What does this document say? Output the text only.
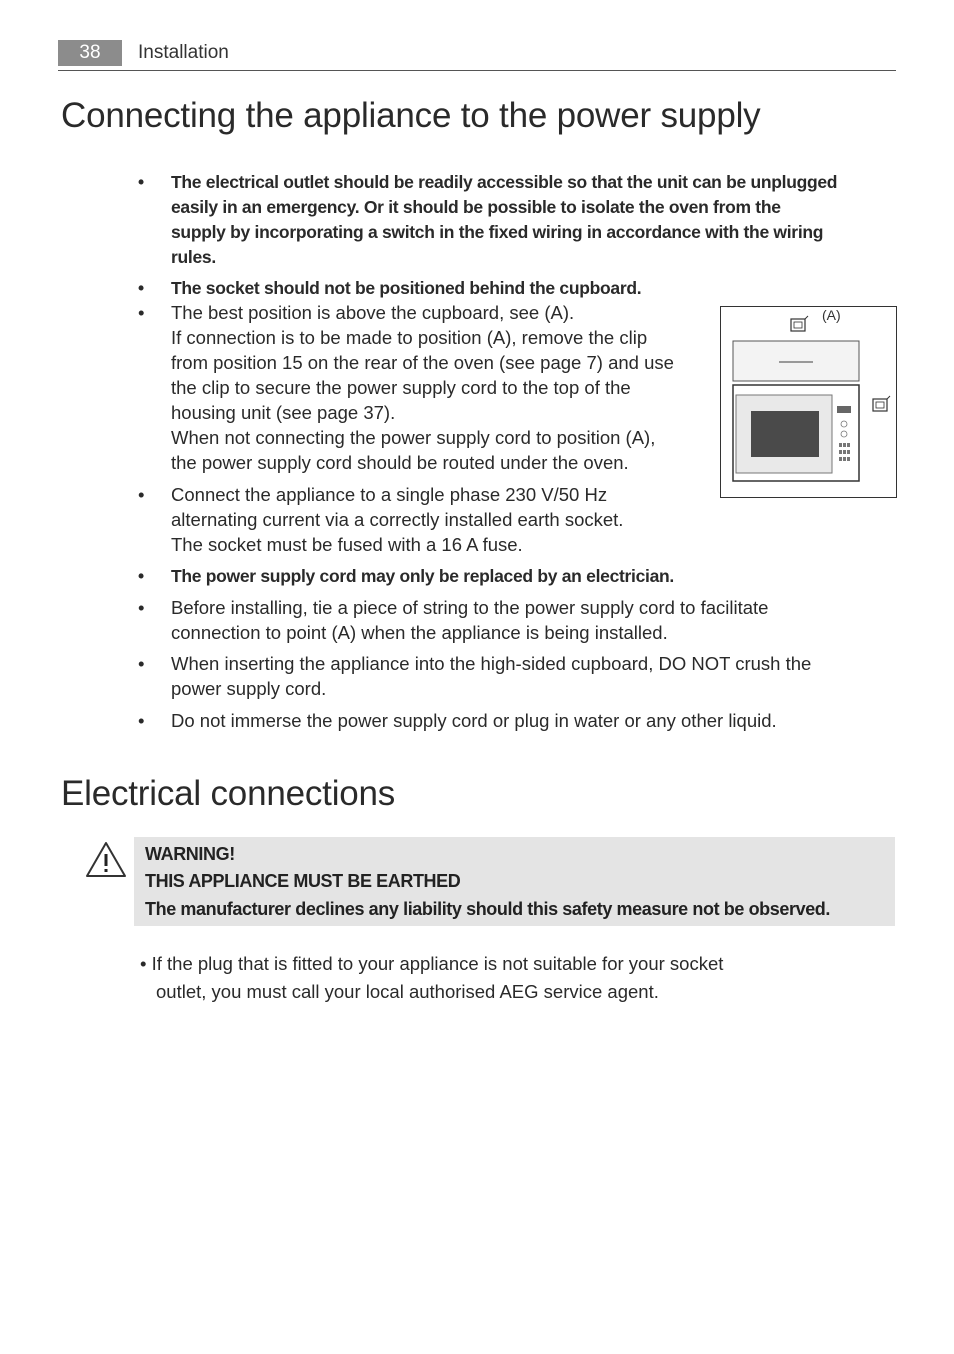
38	Installation
Connecting the appliance to the power supply
•	The electrical outlet should be readily accessible so that the unit can be unplugged
easily in an emergency. Or it should be possible to isolate the oven from the
supply by incorporating a switch in the fixed wiring in accordance with the wiring
rules.
•	The socket should not be positioned behind the cupboard.
•	The best position is above the cupboard, see (A).
If connection is to be made to position (A), remove the clip
from position 15 on the rear of the oven (see page 7) and use
the clip to secure the power supply cord to the top of the
housing unit (see page 37).
When not connecting the power supply cord to position (A),
the power supply cord should be routed under the oven.
•	Connect the appliance to a single phase 230 V/50 Hz
alternating current via a correctly installed earth socket.
The socket must be fused with a 16 A fuse.
•	The power supply cord may only be replaced by an electrician.
•	Before installing, tie a piece of string to the power supply cord to facilitate
connection to point (A) when the appliance is being installed.
•	When inserting the appliance into the high-sided cupboard, DO NOT crush the
power supply cord.
•	Do not immerse the power supply cord or plug in water or any other liquid.
(A)
Electrical connections
WARNING!
THIS APPLIANCE MUST BE EARTHED
The manufacturer declines any liability should this safety measure not be observed.
• If the plug that is fitted to your appliance is not suitable for your socket
outlet, you must call your local authorised AEG service agent.
